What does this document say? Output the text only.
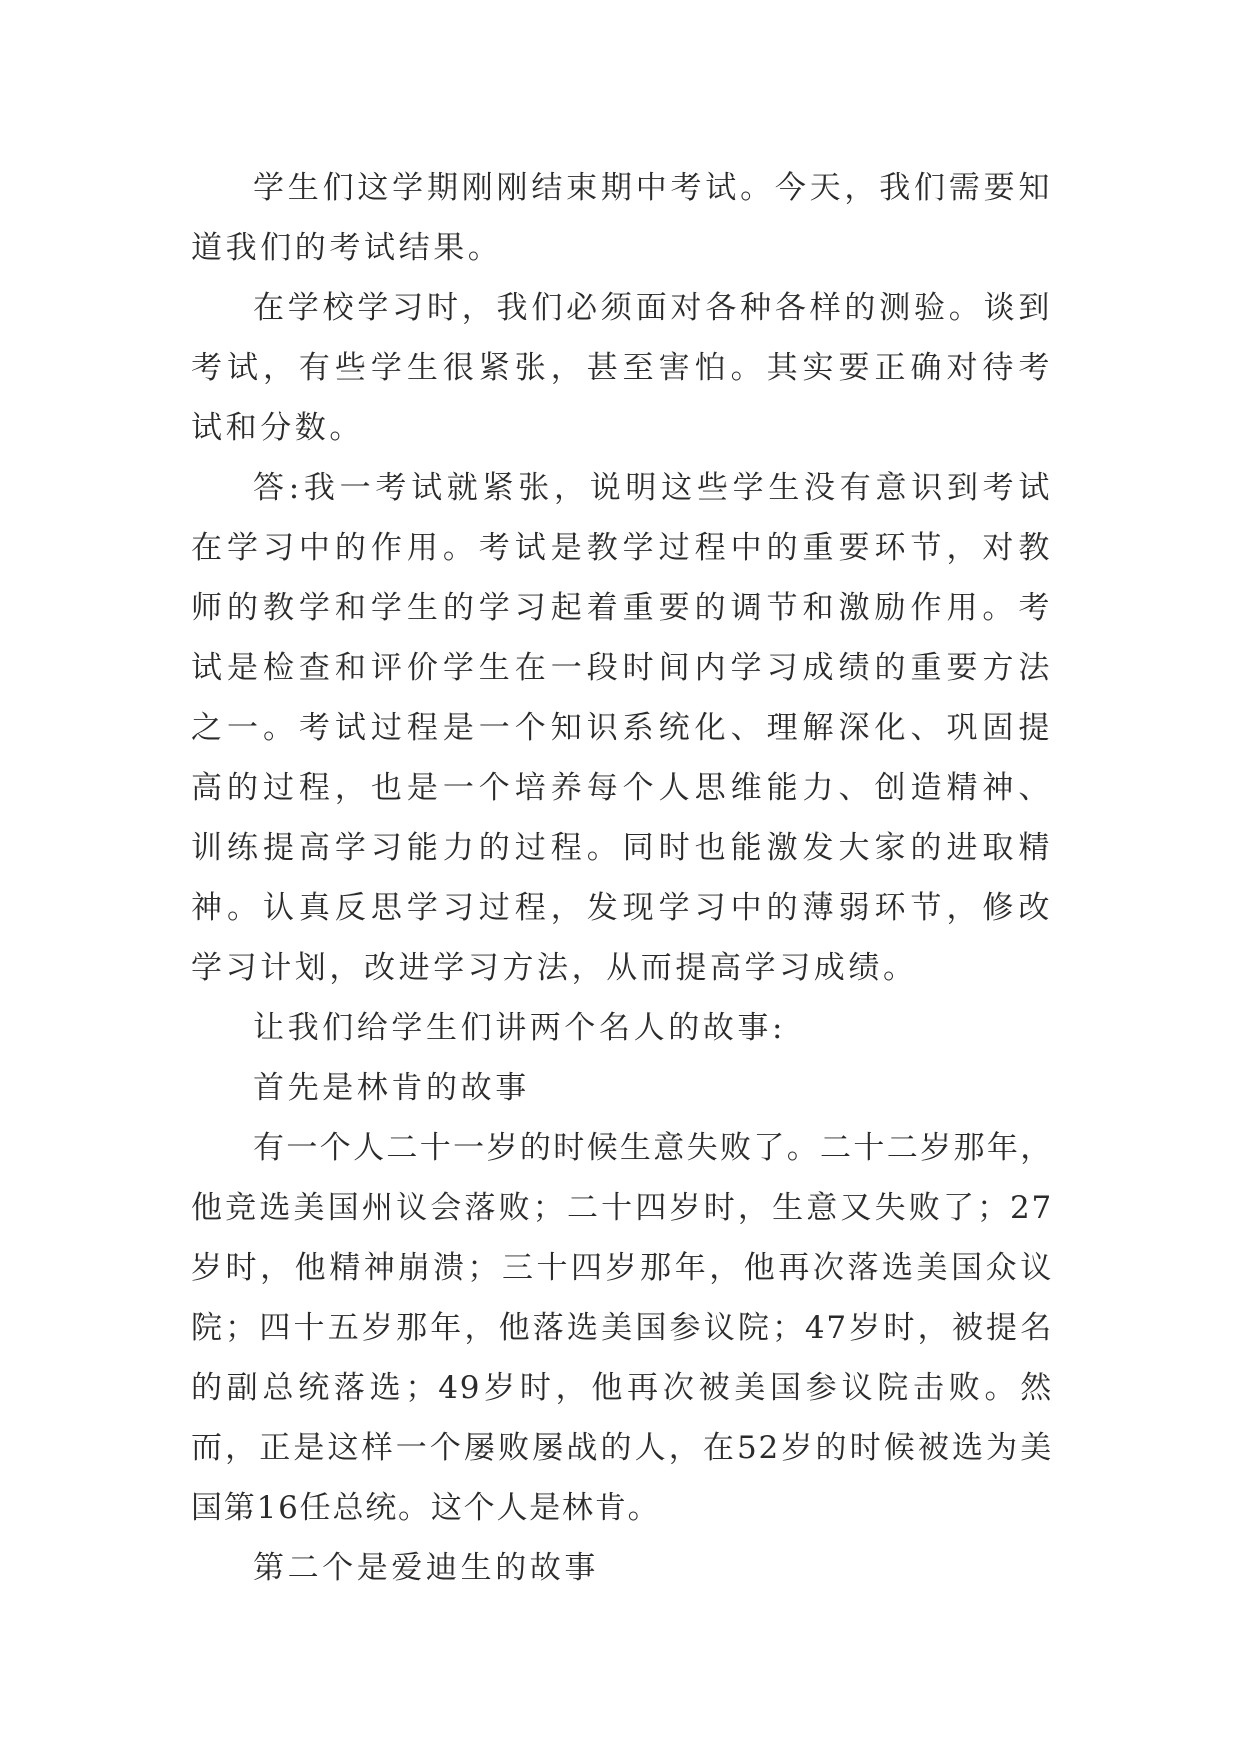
学生们这学期刚刚结束期中考试。今天，我们需要知道我们的考试结果。

在学校学习时，我们必须面对各种各样的测验。谈到考试，有些学生很紧张，甚至害怕。其实要正确对待考试和分数。

答:我一考试就紧张，说明这些学生没有意识到考试在学习中的作用。考试是教学过程中的重要环节，对教师的教学和学生的学习起着重要的调节和激励作用。考试是检查和评价学生在一段时间内学习成绩的重要方法之一。考试过程是一个知识系统化、理解深化、巩固提高的过程，也是一个培养每个人思维能力、创造精神、训练提高学习能力的过程。同时也能激发大家的进取精神。认真反思学习过程，发现学习中的薄弱环节，修改学习计划，改进学习方法，从而提高学习成绩。

让我们给学生们讲两个名人的故事:

首先是林肯的故事

有一个人二十一岁的时候生意失败了。二十二岁那年，他竞选美国州议会落败；二十四岁时，生意又失败了；27岁时，他精神崩溃；三十四岁那年，他再次落选美国众议院；四十五岁那年，他落选美国参议院；47岁时，被提名的副总统落选；49岁时，他再次被美国参议院击败。然而，正是这样一个屡败屡战的人，在52岁的时候被选为美国第16任总统。这个人是林肯。

第二个是爱迪生的故事
